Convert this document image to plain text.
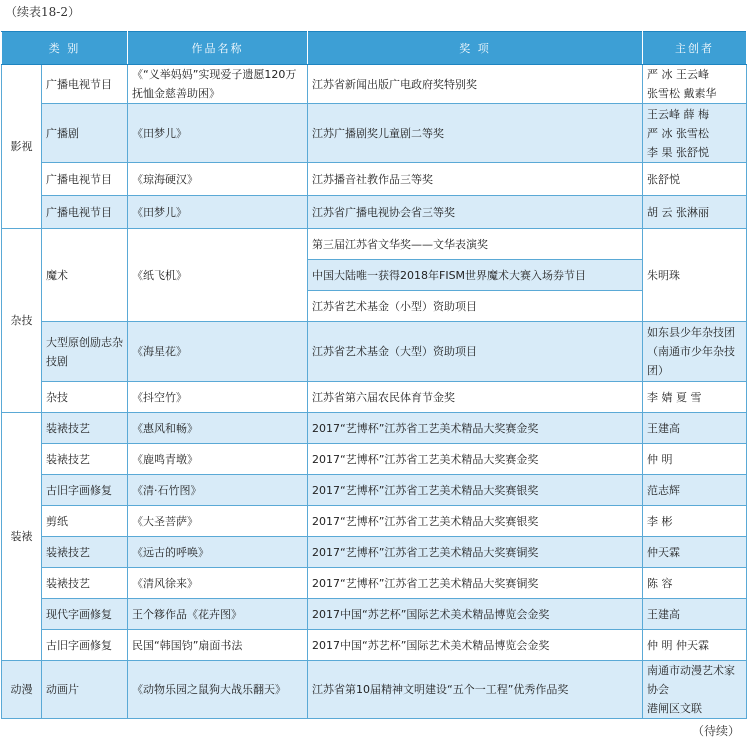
（续表18-2）
类 别		作品名称	奖 项	主创者
影视	广播电视节目	《“义举妈妈”实现爱子遗愿120万抚恤金慈善助困》	江苏省新闻出版广电政府奖特别奖	严 冰 王云峰
张雪松 戴素华
	广播剧	《田梦儿》	江苏广播剧奖儿童剧二等奖	王云峰 薛 梅
严 冰 张雪松
李 果 张舒悦
	广播电视节目	《琼海硬汉》	江苏播音社教作品三等奖	张舒悦
	广播电视节目	《田梦儿》	江苏省广播电视协会省三等奖	胡 云 张淋丽
杂技	魔术	《纸飞机》	第三届江苏省文华奖——文华表演奖	朱明珠
			中国大陆唯一获得2018年FISM世界魔术大赛入场券节目	
			江苏省艺术基金（小型）资助项目	
	大型原创励志杂技剧	《海星花》	江苏省艺术基金（大型）资助项目	如东县少年杂技团（南通市少年杂技团）
	杂技	《抖空竹》	江苏省第六届农民体育节金奖	李 婧 夏 雪
装裱	装裱技艺	《惠风和畅》	2017“艺博杯”江苏省工艺美术精品大奖赛金奖	王建高
	装裱技艺	《鹿鸣青墩》	2017“艺博杯”江苏省工艺美术精品大奖赛金奖	仲 明
	古旧字画修复	《清·石竹图》	2017“艺博杯”江苏省工艺美术精品大奖赛银奖	范志辉
	剪纸	《大圣菩萨》	2017“艺博杯”江苏省工艺美术精品大奖赛银奖	李 彬
	装裱技艺	《远古的呼唤》	2017“艺博杯”江苏省工艺美术精品大奖赛铜奖	仲天霖
	装裱技艺	《清风徐来》	2017“艺博杯”江苏省工艺美术精品大奖赛铜奖	陈 容
	现代字画修复	王个簃作品《花卉图》	2017中国“苏艺杯”国际艺术美术精品博览会金奖	王建高
	古旧字画修复	民国“韩国钧”扇面书法	2017中国“苏艺杯”国际艺术美术精品博览会金奖	仲 明 仲天霖
动漫	动画片	《动物乐园之鼠狗大战乐翻天》	江苏省第10届精神文明建设“五个一工程”优秀作品奖	南通市动漫艺术家协会
港闸区文联
（待续）
